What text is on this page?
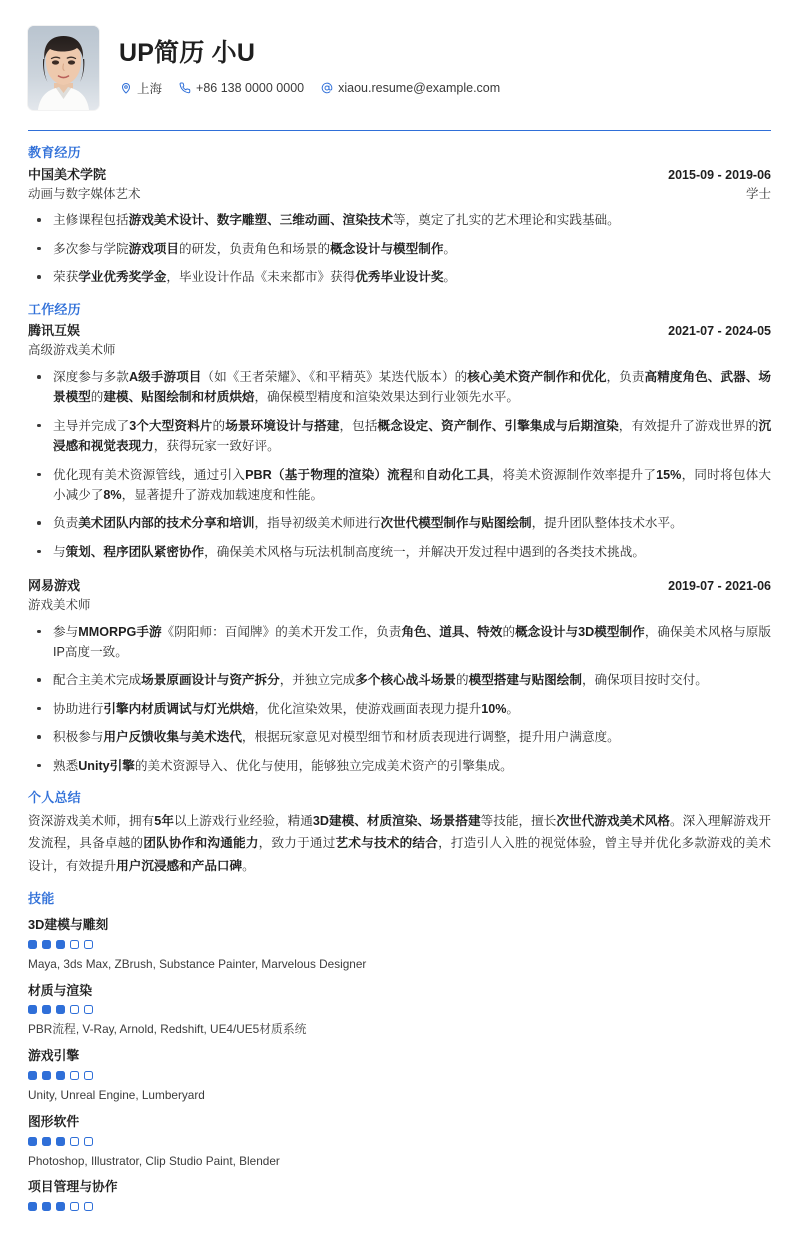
UP简历 小U
上海	+86 138 0000 0000	xiaou.resume@example.com
教育经历
中国美术学院	2015-09 - 2019-06
动画与数字媒体艺术	学士
主修课程包括游戏美术设计、数字雕塑、三维动画、渲染技术等，奠定了扎实的艺术理论和实践基础。
多次参与学院游戏项目的研发，负责角色和场景的概念设计与模型制作。
荣获学业优秀奖学金，毕业设计作品《未来都市》获得优秀毕业设计奖。
工作经历
腾讯互娱	2021-07 - 2024-05
高级游戏美术师
深度参与多款A级手游项目（如《王者荣耀》、《和平精英》某迭代版本）的核心美术资产制作和优化，负责高精度角色、武器、场景模型的建模、贴图绘制和材质烘焙，确保模型精度和渲染效果达到行业领先水平。
主导并完成了3个大型资料片的场景环境设计与搭建，包括概念设定、资产制作、引擎集成与后期渲染，有效提升了游戏世界的沉浸感和视觉表现力，获得玩家一致好评。
优化现有美术资源管线，通过引入PBR（基于物理的渲染）流程和自动化工具，将美术资源制作效率提升了15%，同时将包体大小减少了8%，显著提升了游戏加载速度和性能。
负责美术团队内部的技术分享和培训，指导初级美术师进行次世代模型制作与贴图绘制，提升团队整体技术水平。
与策划、程序团队紧密协作，确保美术风格与玩法机制高度统一，并解决开发过程中遇到的各类技术挑战。
网易游戏	2019-07 - 2021-06
游戏美术师
参与MMORPG手游《阴阳师：百闻牌》的美术开发工作，负责角色、道具、特效的概念设计与3D模型制作，确保美术风格与原版IP高度一致。
配合主美术完成场景原画设计与资产拆分，并独立完成多个核心战斗场景的模型搭建与贴图绘制，确保项目按时交付。
协助进行引擎内材质调试与灯光烘焙，优化渲染效果，使游戏画面表现力提升10%。
积极参与用户反馈收集与美术迭代，根据玩家意见对模型细节和材质表现进行调整，提升用户满意度。
熟悉Unity引擎的美术资源导入、优化与使用，能够独立完成美术资产的引擎集成。
个人总结
资深游戏美术师，拥有5年以上游戏行业经验，精通3D建模、材质渲染、场景搭建等技能，擅长次世代游戏美术风格。深入理解游戏开发流程，具备卓越的团队协作和沟通能力，致力于通过艺术与技术的结合，打造引人入胜的视觉体验，曾主导并优化多款游戏的美术设计，有效提升用户沉浸感和产品口碑。
技能
3D建模与雕刻
Maya, 3ds Max, ZBrush, Substance Painter, Marvelous Designer
材质与渲染
PBR流程, V-Ray, Arnold, Redshift, UE4/UE5材质系统
游戏引擎
Unity, Unreal Engine, Lumberyard
图形软件
Photoshop, Illustrator, Clip Studio Paint, Blender
项目管理与协作
